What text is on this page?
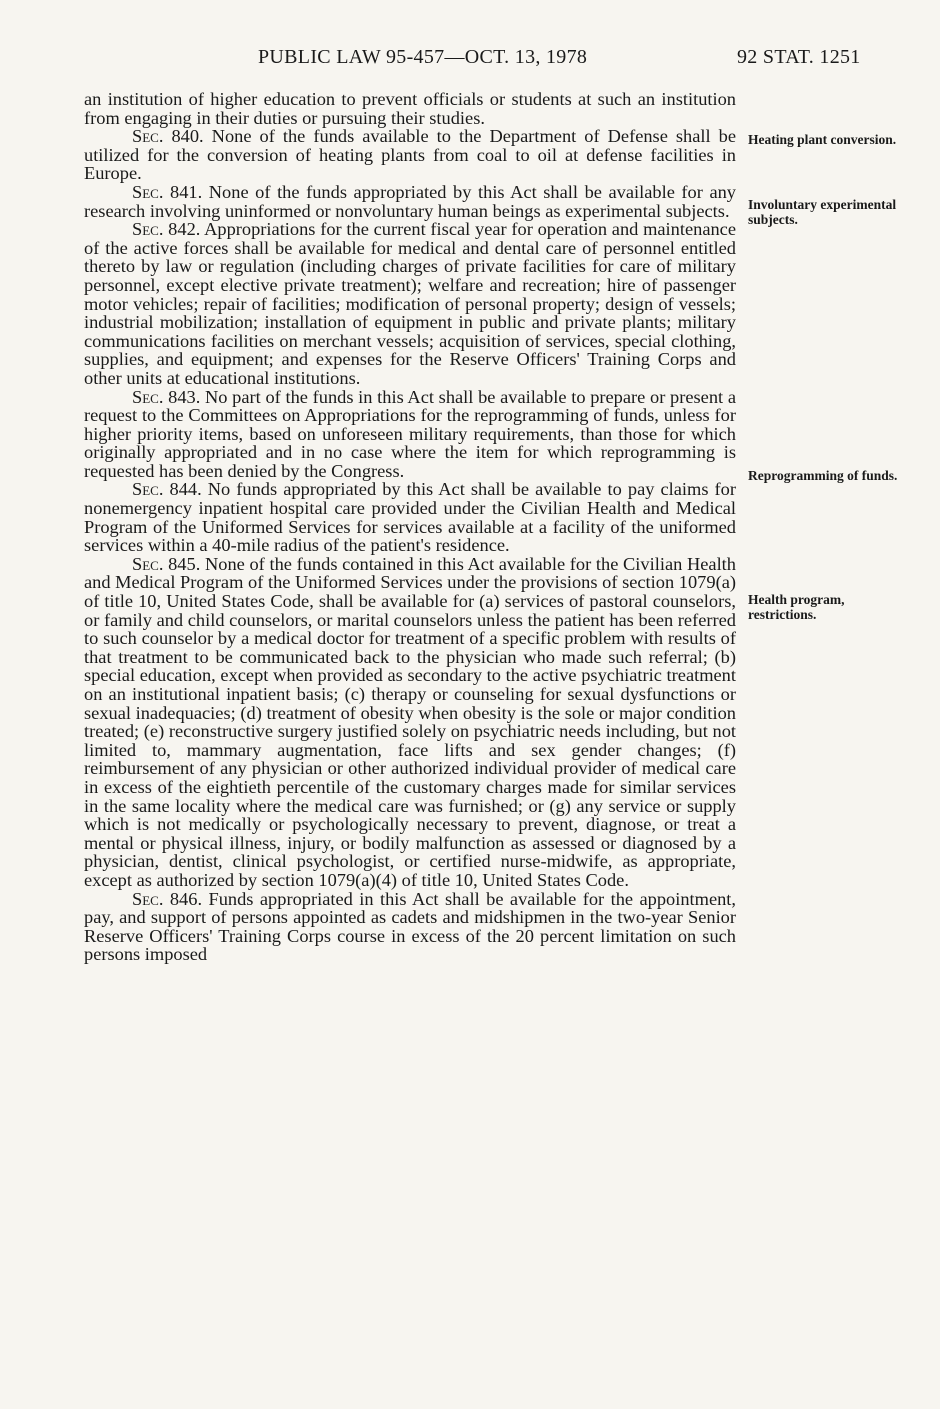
PUBLIC LAW 95-457—OCT. 13, 1978	92 STAT. 1251

an institution of higher education to prevent officials or students at such an institution from engaging in their duties or pursuing their studies.

Sec. 840. None of the funds available to the Department of Defense shall be utilized for the conversion of heating plants from coal to oil at defense facilities in Europe.

Sec. 841. None of the funds appropriated by this Act shall be available for any research involving uninformed or nonvoluntary human beings as experimental subjects.

Sec. 842. Appropriations for the current fiscal year for operation and maintenance of the active forces shall be available for medical and dental care of personnel entitled thereto by law or regulation (including charges of private facilities for care of military personnel, except elective private treatment); welfare and recreation; hire of passenger motor vehicles; repair of facilities; modification of personal property; design of vessels; industrial mobilization; installation of equipment in public and private plants; military communications facilities on merchant vessels; acquisition of services, special clothing, supplies, and equipment; and expenses for the Reserve Officers' Training Corps and other units at educational institutions.

Sec. 843. No part of the funds in this Act shall be available to prepare or present a request to the Committees on Appropriations for the reprogramming of funds, unless for higher priority items, based on unforeseen military requirements, than those for which originally appropriated and in no case where the item for which reprogramming is requested has been denied by the Congress.

Sec. 844. No funds appropriated by this Act shall be available to pay claims for nonemergency inpatient hospital care provided under the Civilian Health and Medical Program of the Uniformed Services for services available at a facility of the uniformed services within a 40-mile radius of the patient's residence.

Sec. 845. None of the funds contained in this Act available for the Civilian Health and Medical Program of the Uniformed Services under the provisions of section 1079(a) of title 10, United States Code, shall be available for (a) services of pastoral counselors, or family and child counselors, or marital counselors unless the patient has been referred to such counselor by a medical doctor for treatment of a specific problem with results of that treatment to be communicated back to the physician who made such referral; (b) special education, except when provided as secondary to the active psychiatric treatment on an institutional inpatient basis; (c) therapy or counseling for sexual dysfunctions or sexual inadequacies; (d) treatment of obesity when obesity is the sole or major condition treated; (e) reconstructive surgery justified solely on psychiatric needs including, but not limited to, mammary augmentation, face lifts and sex gender changes; (f) reimbursement of any physician or other authorized individual provider of medical care in excess of the eightieth percentile of the customary charges made for similar services in the same locality where the medical care was furnished; or (g) any service or supply which is not medically or psychologically necessary to prevent, diagnose, or treat a mental or physical illness, injury, or bodily malfunction as assessed or diagnosed by a physician, dentist, clinical psychologist, or certified nurse-midwife, as appropriate, except as authorized by section 1079(a)(4) of title 10, United States Code.

Sec. 846. Funds appropriated in this Act shall be available for the appointment, pay, and support of persons appointed as cadets and midshipmen in the two-year Senior Reserve Officers' Training Corps course in excess of the 20 percent limitation on such persons imposed

Heating plant conversion.
Involuntary experimental subjects.
Reprogramming of funds.
Health program, restrictions.
